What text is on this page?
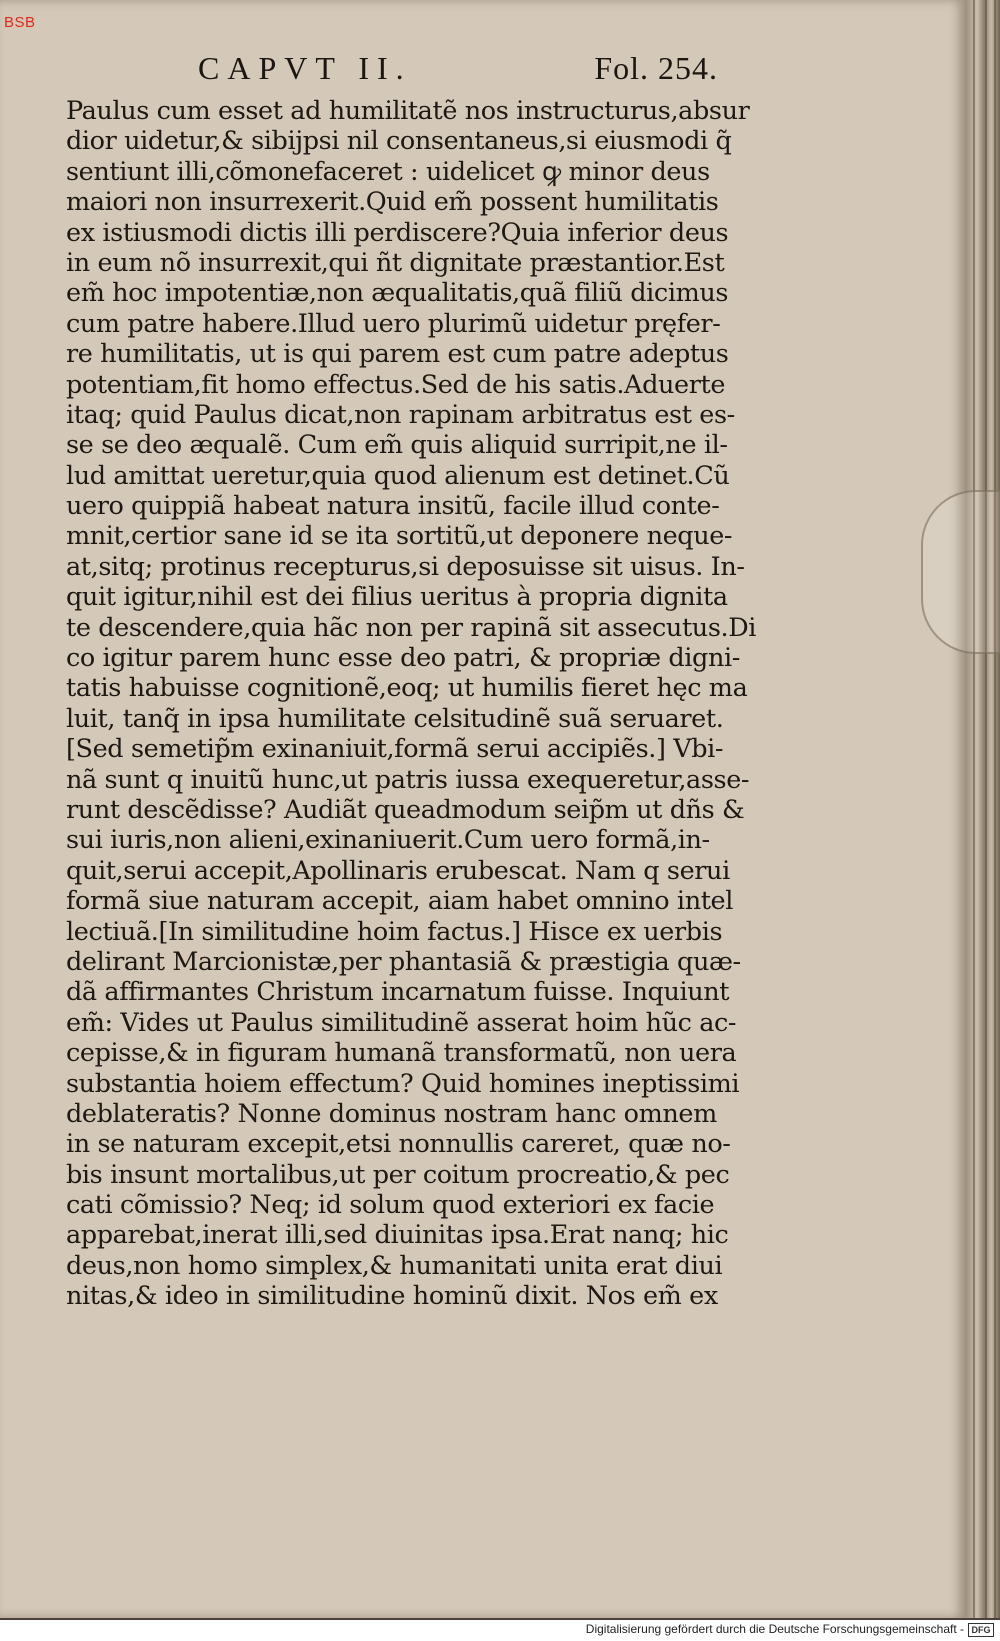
BSB
CAPVT II.	Fol. 254.
Paulus cum esset ad humilitatẽ nos instructurus,absur
dior uidetur,& sibijpsi nil consentaneus,si eiusmodi q̃
sentiunt illi,cõmonefaceret : uidelicet ꝙ minor deus
maiori non insurrexerit.Quid em̃ possent humilitatis
ex istiusmodi dictis illi perdiscere?Quia inferior deus
in eum nõ insurrexit,qui ñt dignitate præstantior.Est
em̃ hoc impotentiæ,non æqualitatis,quã filiũ dicimus
cum patre habere.Illud uero plurimũ uidetur pręfer-
re humilitatis, ut is qui parem est cum patre adeptus
potentiam,fit homo effectus.Sed de his satis.Aduerte
itaq; quid Paulus dicat,non rapinam arbitratus est es-
se se deo æqualẽ. Cum em̃ quis aliquid surripit,ne il-
lud amittat ueretur,quia quod alienum est detinet.Cũ
uero quippiã habeat natura insitũ, facile illud conte-
mnit,certior sane id se ita sortitũ,ut deponere neque-
at,sitq; protinus recepturus,si deposuisse sit uisus. In-
quit igitur,nihil est dei filius ueritus à propria dignita
te descendere,quia hãc non per rapinã sit assecutus.Di
co igitur parem hunc esse deo patri, & propriæ digni-
tatis habuisse cognitionẽ,eoq; ut humilis fieret hęc ma
luit, tanq̃ in ipsa humilitate celsitudinẽ suã seruaret.
[Sed semetip̃m exinaniuit,formã serui accipiẽs.] Vbi-
nã sunt q inuitũ hunc,ut patris iussa exequeretur,asse-
runt descẽdisse? Audiãt queadmodum seip̃m ut dñs &
sui iuris,non alieni,exinaniuerit.Cum uero formã,in-
quit,serui accepit,Apollinaris erubescat. Nam q serui
formã siue naturam accepit, aiam habet omnino intel
lectiuã.[In similitudine hoim factus.] Hisce ex uerbis
delirant Marcionistæ,per phantasiã & præstigia quæ-
dã affirmantes Christum incarnatum fuisse. Inquiunt
em̃: Vides ut Paulus similitudinẽ asserat hoim hũc ac-
cepisse,& in figuram humanã transformatũ, non uera
substantia hoiem effectum? Quid homines ineptissimi
deblateratis? Nonne dominus nostram hanc omnem
in se naturam excepit,etsi nonnullis careret, quæ no-
bis insunt mortalibus,ut per coitum procreatio,& pec
cati cõmissio? Neq; id solum quod exteriori ex facie
apparebat,inerat illi,sed diuinitas ipsa.Erat nanq; hic
deus,non homo simplex,& humanitati unita erat diui
nitas,& ideo in similitudine hominũ dixit. Nos em̃ ex
Digitalisierung gefördert durch die Deutsche Forschungsgemeinschaft - DFG
